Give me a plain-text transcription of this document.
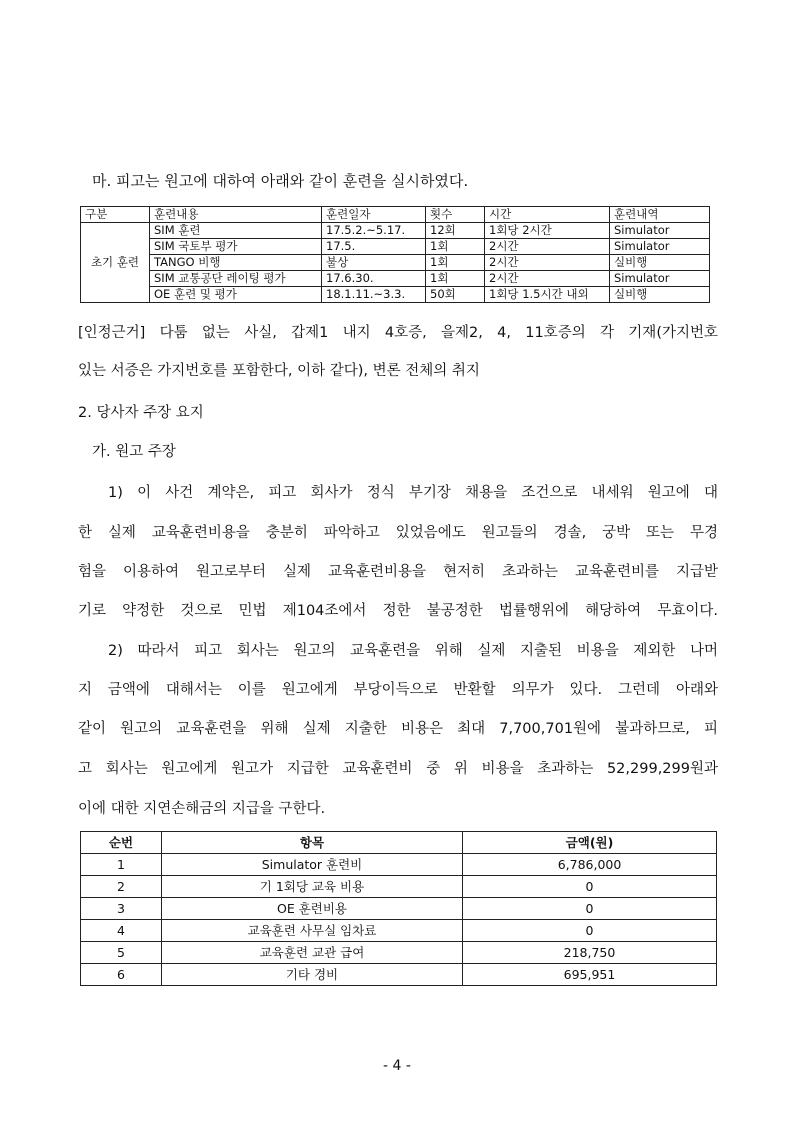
마. 피고는 원고에 대하여 아래와 같이 훈련을 실시하였다.
구분	훈련내용	훈련일자	횟수	시간	훈련내역
초기 훈련	SIM 훈련	17.5.2.~5.17.	12회	1회당 2시간	Simulator
	SIM 국토부 평가	17.5.	1회	2시간	Simulator
	TANGO 비행	불상	1회	2시간	실비행
	SIM 교통공단 레이팅 평가	17.6.30.	1회	2시간	Simulator
	OE 훈련 및 평가	18.1.11.~3.3.	50회	1회당 1.5시간 내외	실비행
[인정근거] 다툼 없는 사실, 갑제1 내지 4호증, 을제2, 4, 11호증의 각 기재(가지번호
있는 서증은 가지번호를 포함한다, 이하 같다), 변론 전체의 취지
2. 당사자 주장 요지
가. 원고 주장
1) 이 사건 계약은, 피고 회사가 정식 부기장 채용을 조건으로 내세워 원고에 대
한 실제 교육훈련비용을 충분히 파악하고 있었음에도 원고들의 경솔, 궁박 또는 무경
험을 이용하여 원고로부터 실제 교육훈련비용을 현저히 초과하는 교육훈련비를 지급받
기로 약정한 것으로 민법 제104조에서 정한 불공정한 법률행위에 해당하여 무효이다.
2) 따라서 피고 회사는 원고의 교육훈련을 위해 실제 지출된 비용을 제외한 나머
지 금액에 대해서는 이를 원고에게 부당이득으로 반환할 의무가 있다. 그런데 아래와
같이 원고의 교육훈련을 위해 실제 지출한 비용은 최대 7,700,701원에 불과하므로, 피
고 회사는 원고에게 원고가 지급한 교육훈련비 중 위 비용을 초과하는 52,299,299원과
이에 대한 지연손해금의 지급을 구한다.
순번	항목	금액(원)
1	Simulator 훈련비	6,786,000
2	기 1회당 교육 비용	0
3	OE 훈련비용	0
4	교육훈련 사무실 임차료	0
5	교육훈련 교관 급여	218,750
6	기타 경비	695,951
- 4 -
